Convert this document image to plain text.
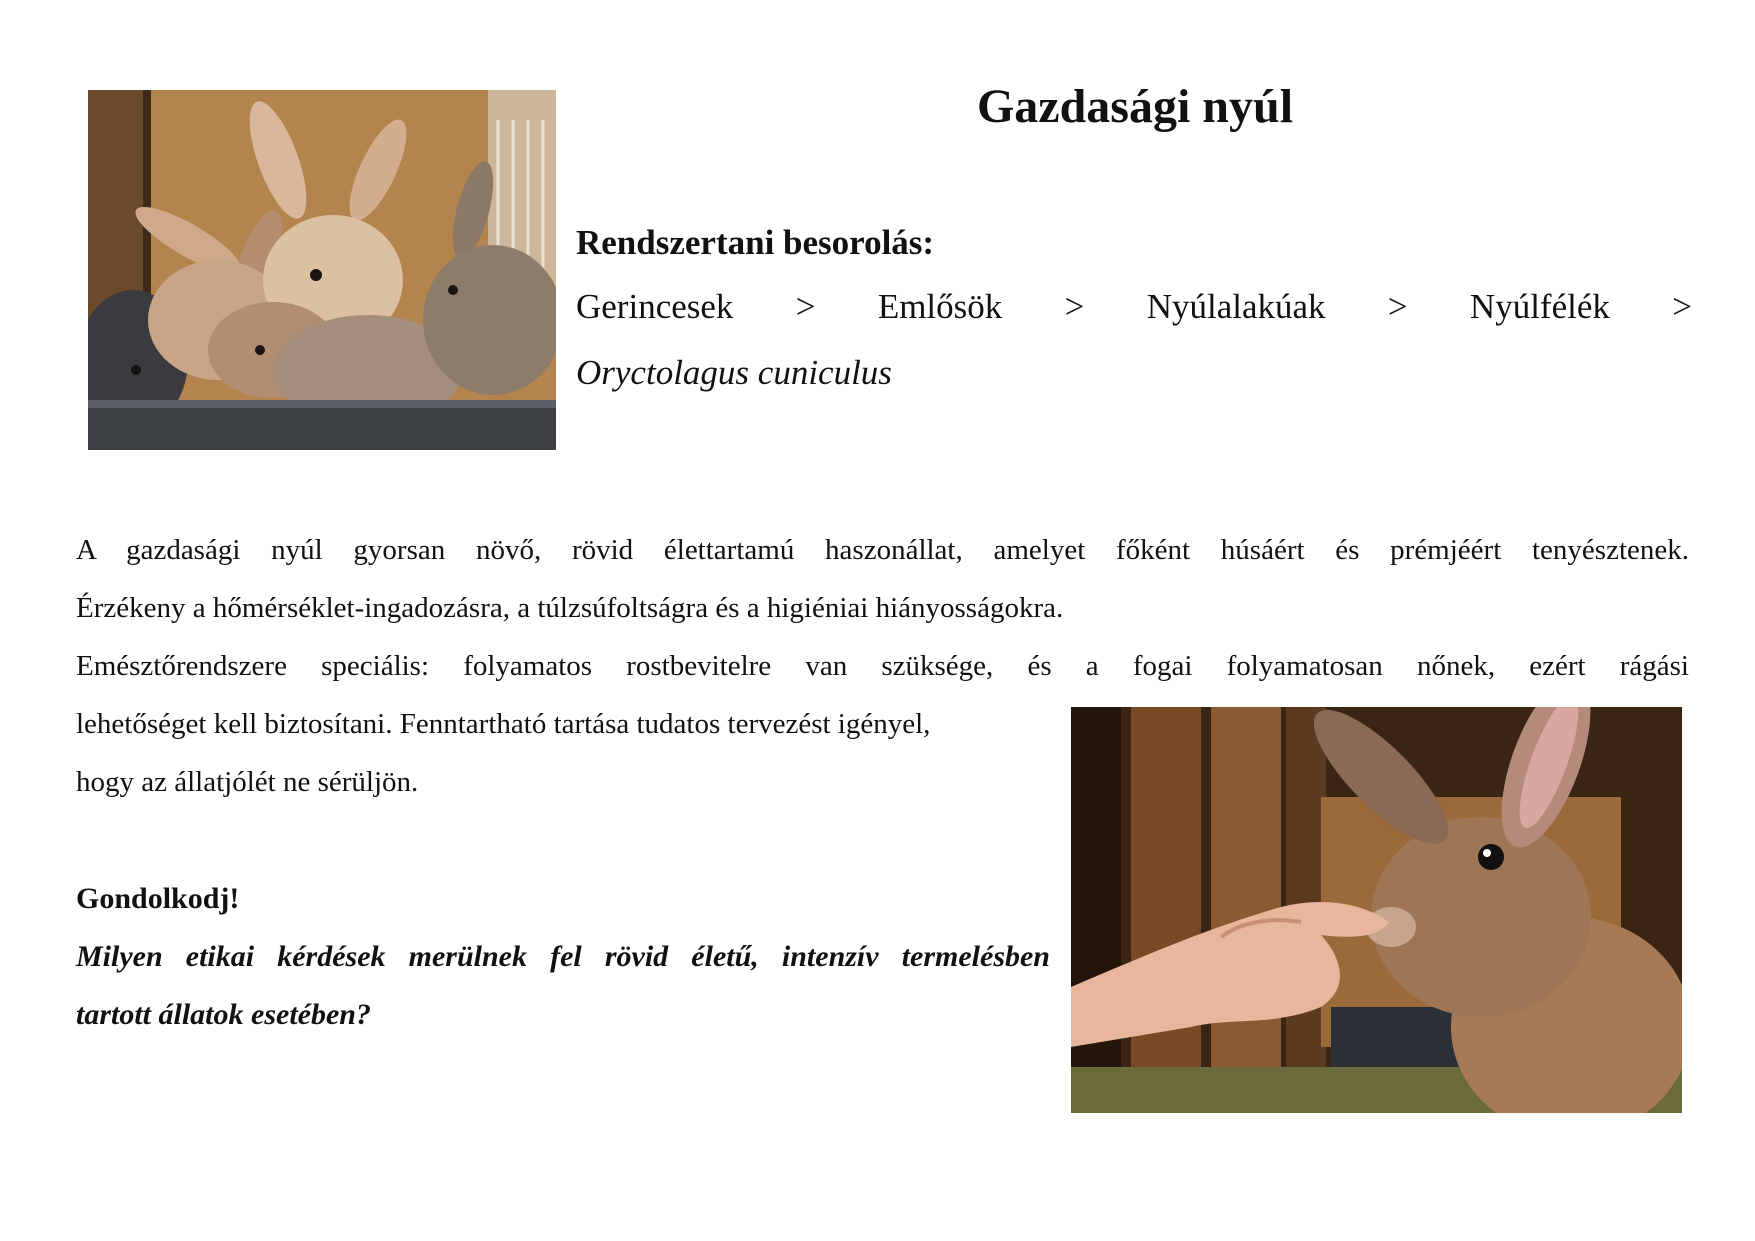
Gazdasági nyúl
Rendszertani besorolás:
Gerincesek > Emlősök > Nyúlalakúak > Nyúlfélék >
Oryctolagus cuniculus
A gazdasági nyúl gyorsan növő, rövid élettartamú haszonállat, amelyet főként húsáért és prémjéért tenyésztenek.
Érzékeny a hőmérséklet-ingadozásra, a túlzsúfoltságra és a higiéniai hiányosságokra.
Emésztőrendszere speciális: folyamatos rostbevitelre van szüksége, és a fogai folyamatosan nőnek, ezért rágási
lehetőséget kell biztosítani. Fenntartható tartása tudatos tervezést igényel,
hogy az állatjólét ne sérüljön.
Gondolkodj!
Milyen etikai kérdések merülnek fel rövid életű, intenzív termelésben
tartott állatok esetében?
